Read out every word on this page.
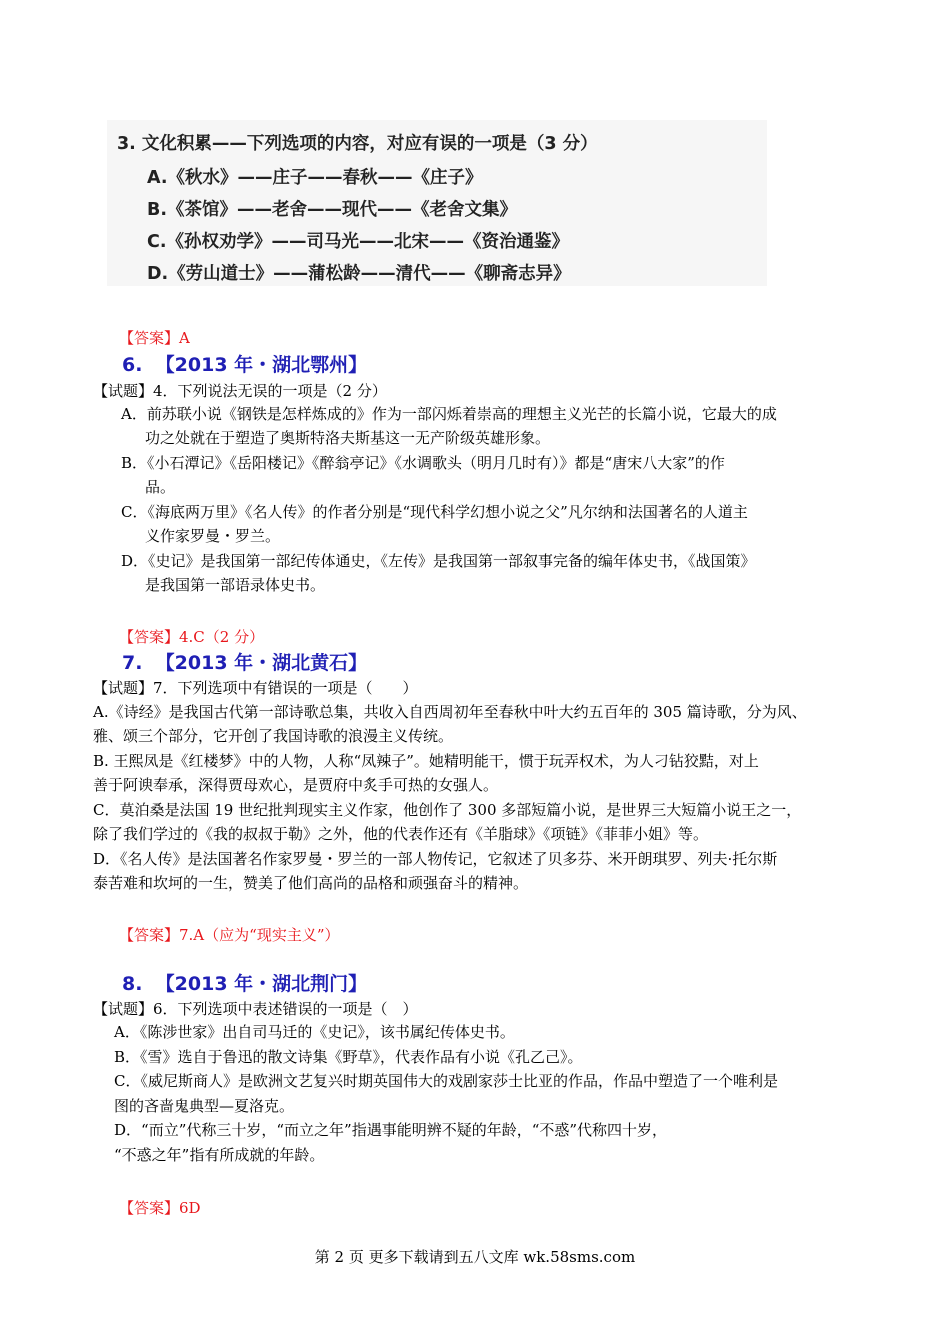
3. 文化积累——下列选项的内容，对应有误的一项是（3 分）
A.《秋水》——庄子——春秋——《庄子》
B.《茶馆》——老舍——现代——《老舍文集》
C.《孙权劝学》——司马光——北宋——《资治通鉴》
D.《劳山道士》——蒲松龄——清代——《聊斋志异》
【答案】A
6.  【2013 年・湖北鄂州】
【试题】4．下列说法无误的一项是（2 分）
A．前苏联小说《钢铁是怎样炼成的》作为一部闪烁着崇高的理想主义光芒的长篇小说，它最大的成
功之处就在于塑造了奥斯特洛夫斯基这一无产阶级英雄形象。
B．《小石潭记》《岳阳楼记》《醉翁亭记》《水调歌头（明月几时有）》都是“唐宋八大家”的作
品。
C．《海底两万里》《名人传》的作者分别是“现代科学幻想小说之父”凡尔纳和法国著名的人道主
义作家罗曼・罗兰。
D．《史记》是我国第一部纪传体通史，《左传》是我国第一部叙事完备的编年体史书，《战国策》
是我国第一部语录体史书。
【答案】4.C（2 分）
7.  【2013 年・湖北黄石】
【试题】7．下列选项中有错误的一项是（　　）
A.《诗经》是我国古代第一部诗歌总集，共收入自西周初年至春秋中叶大约五百年的 305 篇诗歌，分为风、
雅、颂三个部分，它开创了我国诗歌的浪漫主义传统。
B. 王熙凤是《红楼梦》中的人物，人称“凤辣子”。她精明能干，惯于玩弄权术，为人刁钻狡黠，对上
善于阿谀奉承，深得贾母欢心，是贾府中炙手可热的女强人。
C．莫泊桑是法国 19 世纪批判现实主义作家，他创作了 300 多部短篇小说，是世界三大短篇小说王之一，
除了我们学过的《我的叔叔于勒》之外，他的代表作还有《羊脂球》《项链》《菲菲小姐》等。
D．《名人传》是法国著名作家罗曼・罗兰的一部人物传记，它叙述了贝多芬、米开朗琪罗、列夫·托尔斯
泰苦难和坎坷的一生，赞美了他们高尚的品格和顽强奋斗的精神。
【答案】7.A（应为“现实主义”）
8.  【2013 年・湖北荆门】
【试题】6．下列选项中表述错误的一项是（　）
A．《陈涉世家》出自司马迁的《史记》，该书属纪传体史书。
B．《雪》选自于鲁迅的散文诗集《野草》，代表作品有小说《孔乙己》。
C．《威尼斯商人》是欧洲文艺复兴时期英国伟大的戏剧家莎士比亚的作品，作品中塑造了一个唯利是
图的吝啬鬼典型—夏洛克。
D．“而立”代称三十岁，“而立之年”指遇事能明辨不疑的年龄，“不惑”代称四十岁，
“不惑之年”指有所成就的年龄。
【答案】6D
第 2 页 更多下载请到五八文库 wk.58sms.com
